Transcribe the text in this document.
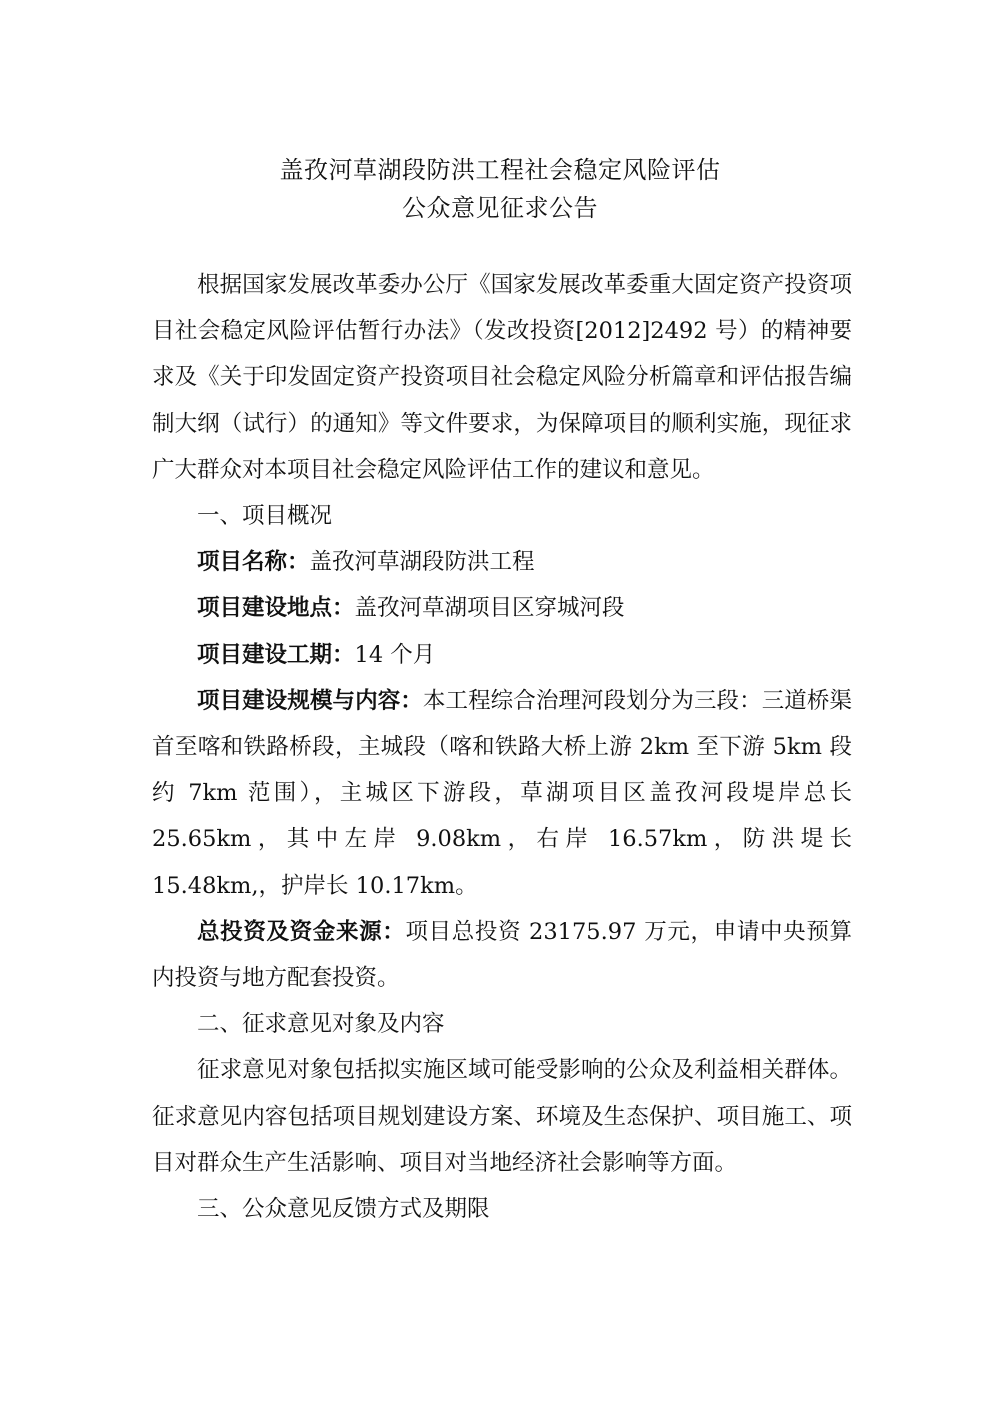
盖孜河草湖段防洪工程社会稳定风险评估
公众意见征求公告

根据国家发展改革委办公厅《国家发展改革委重大固定资产投资项目社会稳定风险评估暂行办法》（发改投资[2012]2492 号）的精神要求及《关于印发固定资产投资项目社会稳定风险分析篇章和评估报告编制大纲（试行）的通知》等文件要求，为保障项目的顺利实施，现征求广大群众对本项目社会稳定风险评估工作的建议和意见。

一、项目概况

项目名称：盖孜河草湖段防洪工程

项目建设地点：盖孜河草湖项目区穿城河段

项目建设工期：14 个月

项目建设规模与内容：本工程综合治理河段划分为三段：三道桥渠首至喀和铁路桥段，主城段（喀和铁路大桥上游 2km 至下游 5km 段约 7km 范围），主城区下游段，草湖项目区盖孜河段堤岸总长 25.65km，其中左岸 9.08km，右岸 16.57km，防洪堤长 15.48km,，护岸长 10.17km。

总投资及资金来源：项目总投资 23175.97 万元，申请中央预算内投资与地方配套投资。

二、征求意见对象及内容

征求意见对象包括拟实施区域可能受影响的公众及利益相关群体。征求意见内容包括项目规划建设方案、环境及生态保护、项目施工、项目对群众生产生活影响、项目对当地经济社会影响等方面。

三、公众意见反馈方式及期限
